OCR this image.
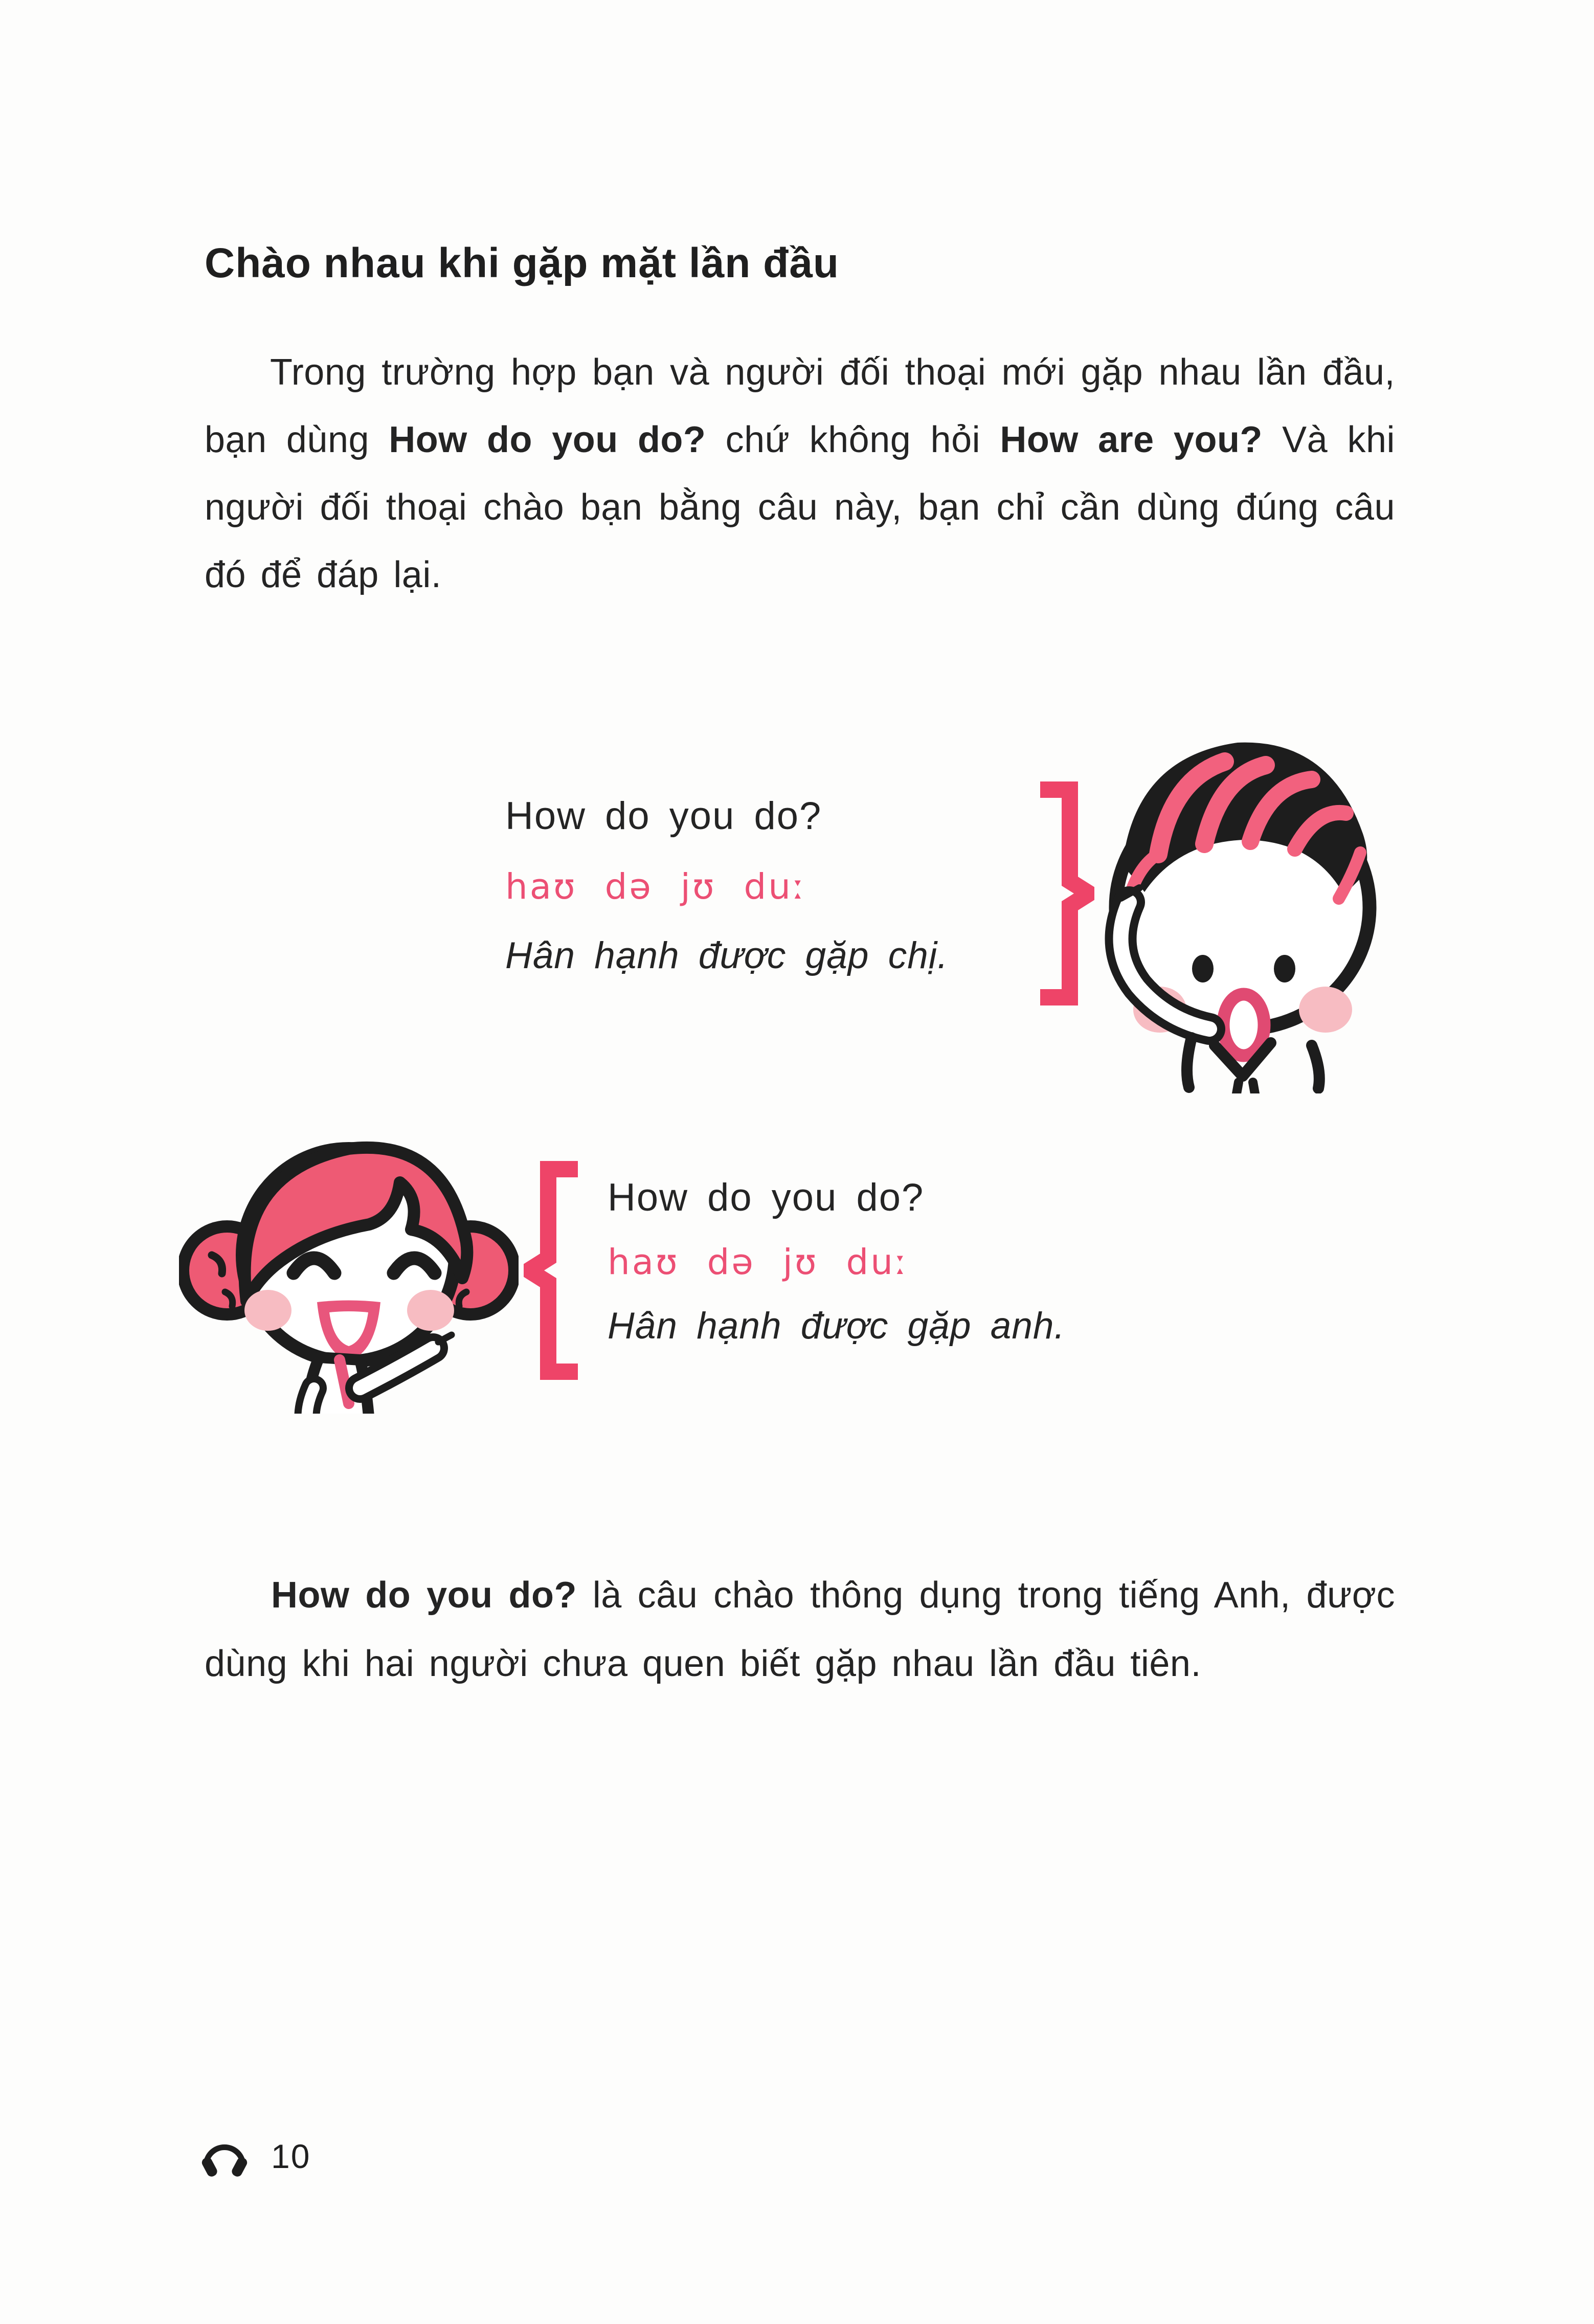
Chào nhau khi gặp mặt lần đầu

Trong trường hợp bạn và người đối thoại mới gặp nhau lần đầu, bạn dùng How do you do? chứ không hỏi How are you? Và khi người đối thoại chào bạn bằng câu này, bạn chỉ cần dùng đúng câu đó để đáp lại.

How do you do?
haʊ də jʊ duː
Hân hạnh được gặp chị.
How do you do?
haʊ də jʊ duː
Hân hạnh được gặp anh.

How do you do? là câu chào thông dụng trong tiếng Anh, được dùng khi hai người chưa quen biết gặp nhau lần đầu tiên.

10
